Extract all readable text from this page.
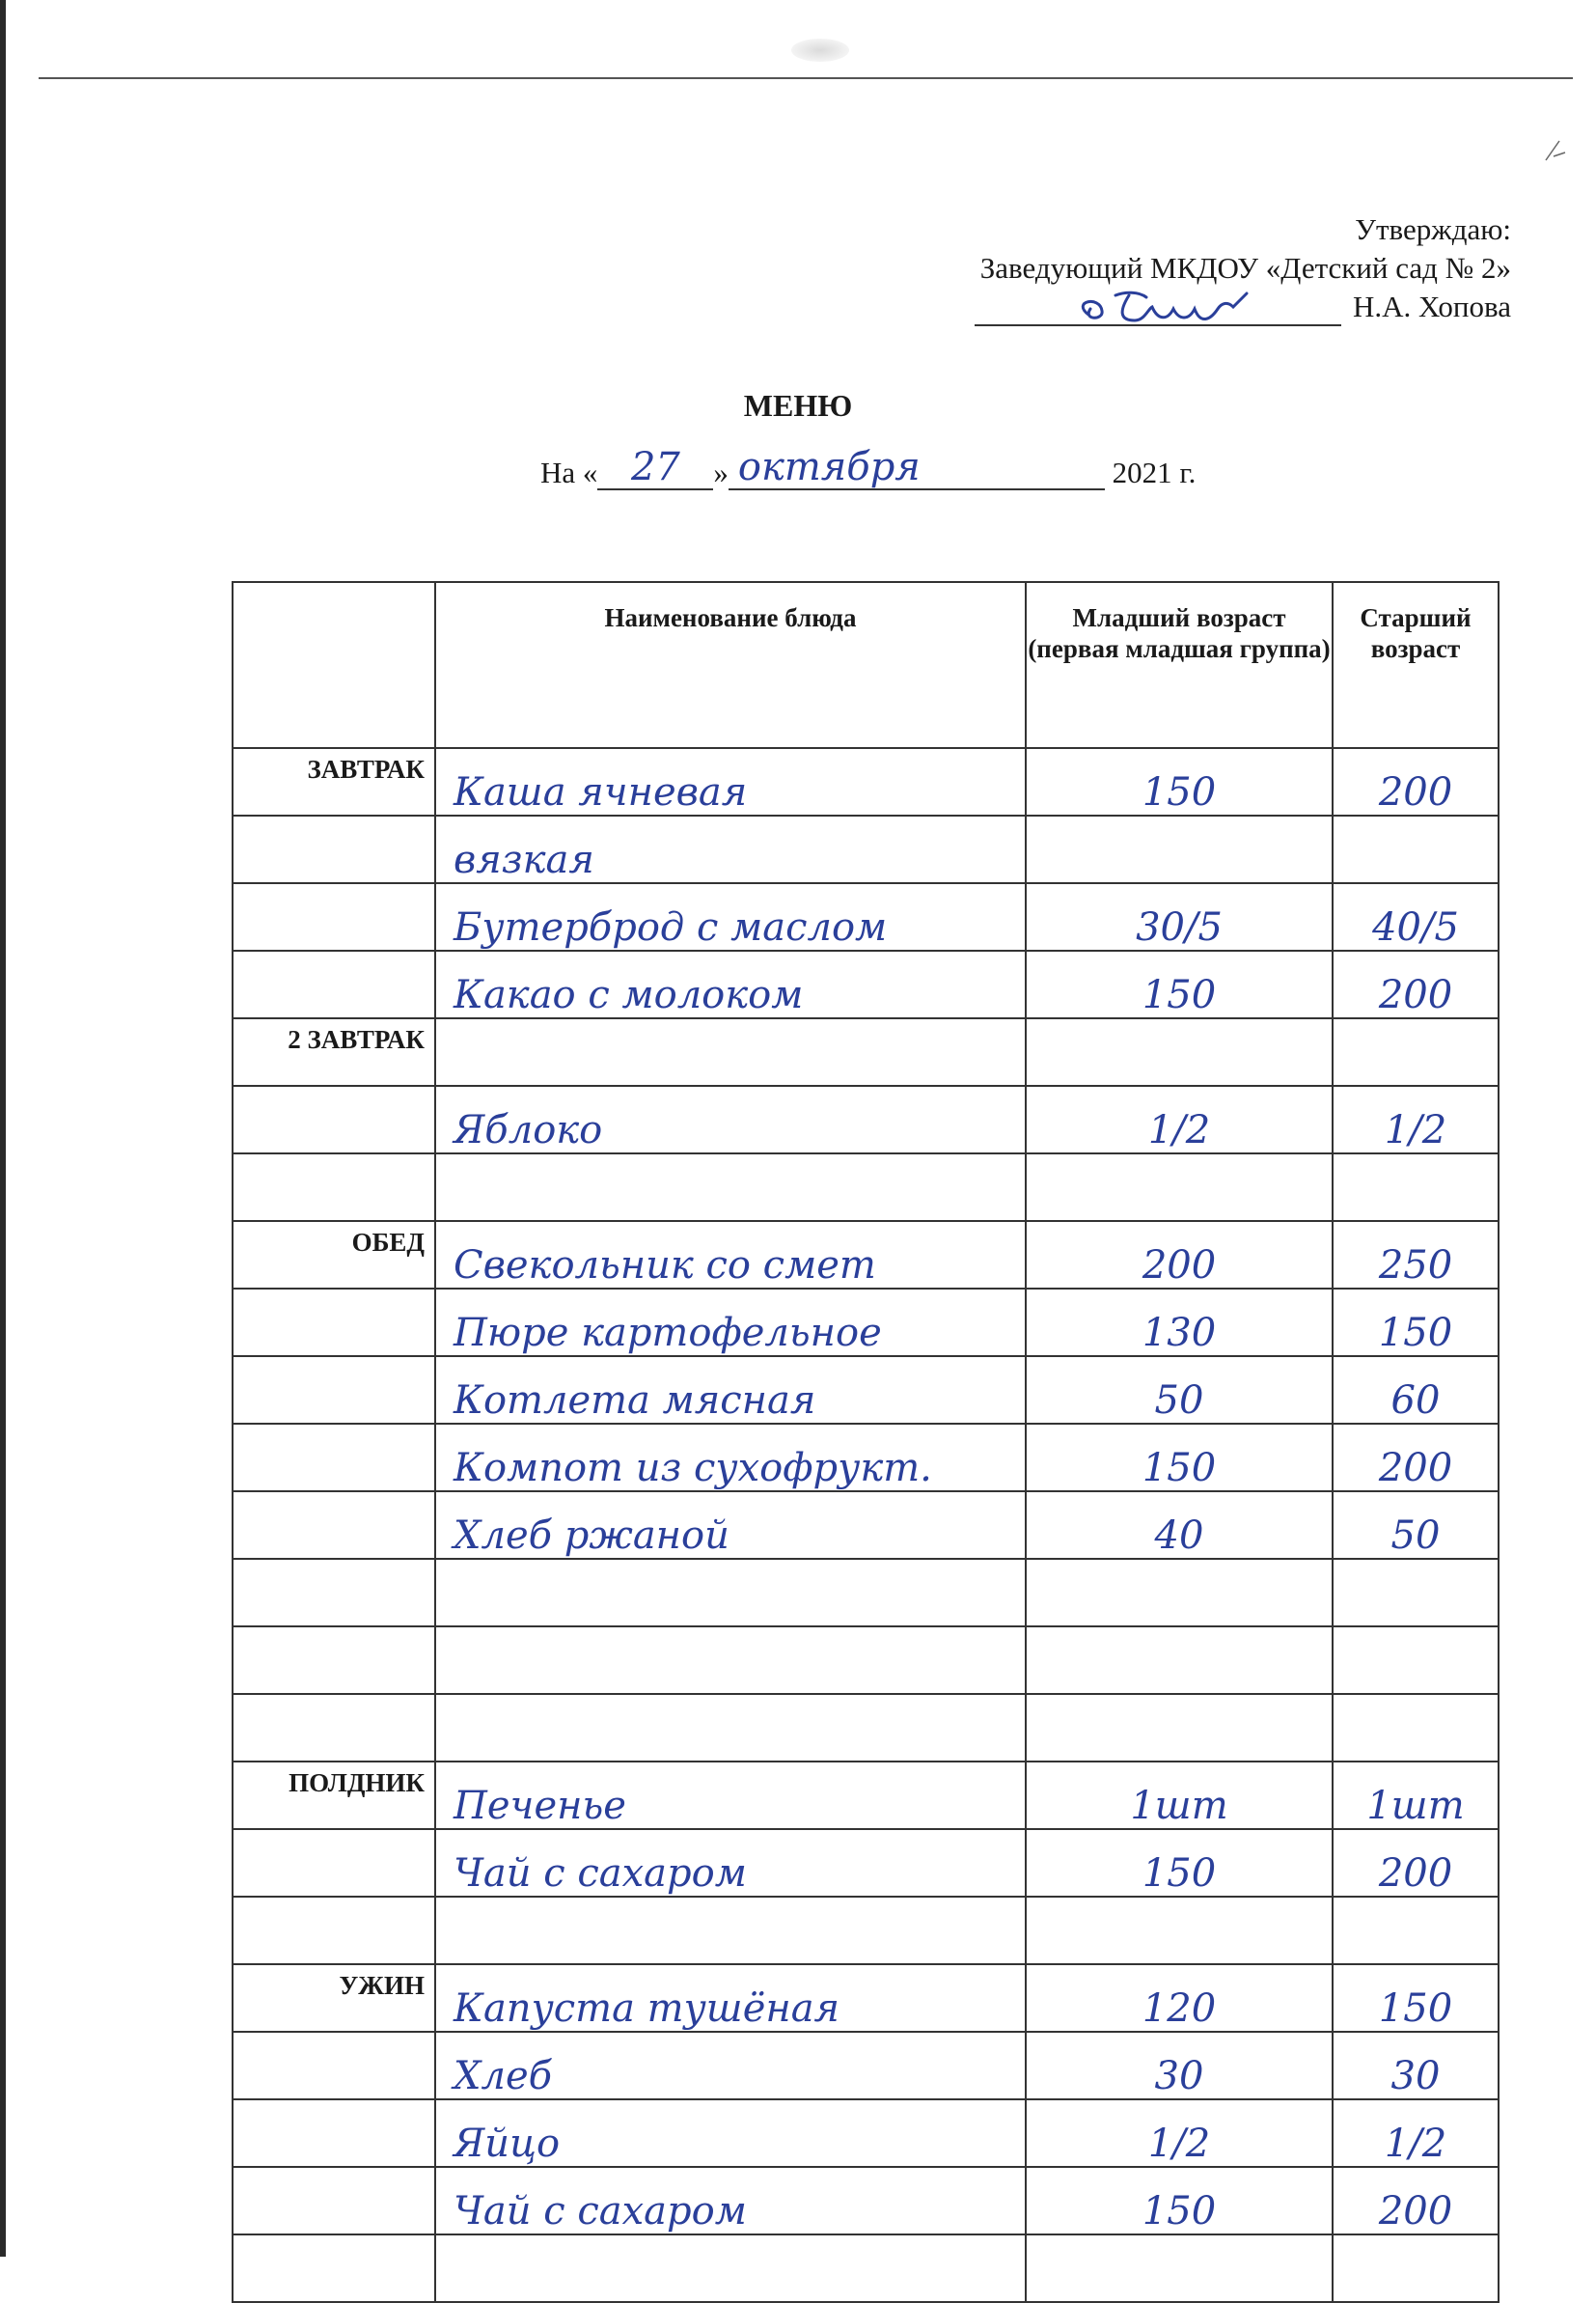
Утверждаю:
Заведующий МКДОУ «Детский сад № 2»
Н.А. Хопова
МЕНЮ
На « 27 » октября	2021 г.
	Наименование блюда	Младший возраст (первая младшая группа)	Старший возраст
ЗАВТРАК	Каша ячневая	150	200
	вязкая		
	Бутерброд с маслом	30/5	40/5
	Какао с молоком	150	200
2 ЗАВТРАК			
	Яблоко	1/2	1/2

ОБЕД	Свекольник со смет	200	250
	Пюре картофельное	130	150
	Котлета мясная	50	60
	Компот из сухофрукт.	150	200
	Хлеб ржаной	40	50

ПОЛДНИК	Печенье	1шт	1шт
	Чай с сахаром	150	200

УЖИН	Капуста тушёная	120	150
	Хлеб	30	30
	Яйцо	1/2	1/2
	Чай с сахаром	150	200
